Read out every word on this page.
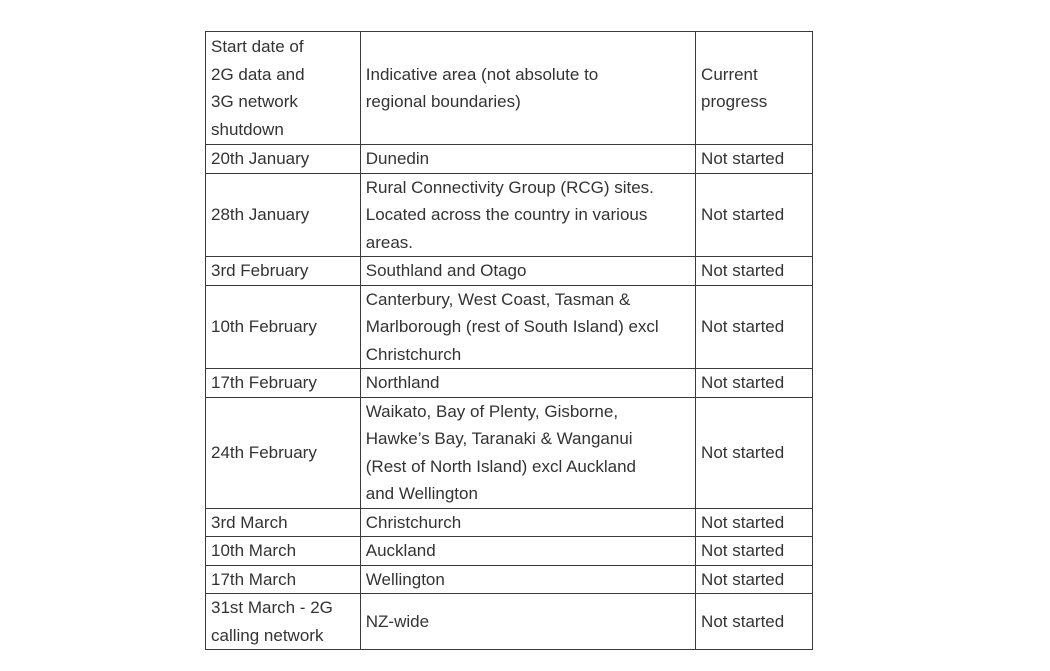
Start date of
2G data and
3G network
shutdown	Indicative area (not absolute to
regional boundaries)	Current
progress

20th January	Dunedin	Not started

28th January	Rural Connectivity Group (RCG) sites.
Located across the country in various
areas.	Not started

3rd February	Southland and Otago	Not started

10th February	Canterbury, West Coast, Tasman &
Marlborough (rest of South Island) excl
Christchurch	Not started

17th February	Northland	Not started

24th February	Waikato, Bay of Plenty, Gisborne,
Hawke’s Bay, Taranaki & Wanganui
(Rest of North Island) excl Auckland
and Wellington	Not started

3rd March	Christchurch	Not started

10th March	Auckland	Not started

17th March	Wellington	Not started

31st March - 2G
calling network	NZ-wide	Not started
